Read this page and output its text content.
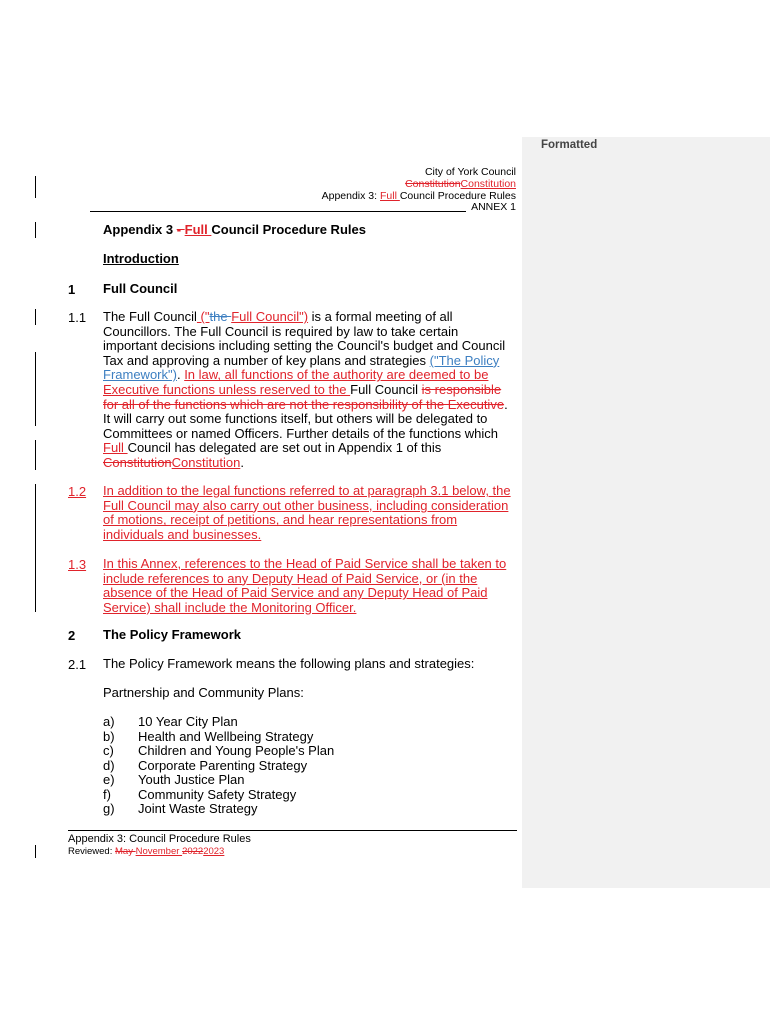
Formatted
City of York Council
ConstitutionConstitution
Appendix 3: Full Council Procedure Rules
ANNEX 1
Appendix 3 - Full Council Procedure Rules
Introduction
1 Full Council
1.1 The Full Council ("the Full Council") is a formal meeting of all Councillors. The Full Council is required by law to take certain important decisions including setting the Council's budget and Council Tax and approving a number of key plans and strategies ("The Policy Framework"). In law, all functions of the authority are deemed to be Executive functions unless reserved to the Full Council is responsible for all of the functions which are not the responsibility of the Executive. It will carry out some functions itself, but others will be delegated to Committees or named Officers. Further details of the functions which Full Council has delegated are set out in Appendix 1 of this ConstitutionConstitution.
1.2 In addition to the legal functions referred to at paragraph 3.1 below, the Full Council may also carry out other business, including consideration of motions, receipt of petitions, and hear representations from individuals and businesses.
1.3 In this Annex, references to the Head of Paid Service shall be taken to include references to any Deputy Head of Paid Service, or (in the absence of the Head of Paid Service and any Deputy Head of Paid Service) shall include the Monitoring Officer.
2 The Policy Framework
2.1 The Policy Framework means the following plans and strategies:
Partnership and Community Plans:
a) 10 Year City Plan
b) Health and Wellbeing Strategy
c) Children and Young People's Plan
d) Corporate Parenting Strategy
e) Youth Justice Plan
f) Community Safety Strategy
g) Joint Waste Strategy
Appendix 3: Council Procedure Rules
Reviewed: May November 20222023
